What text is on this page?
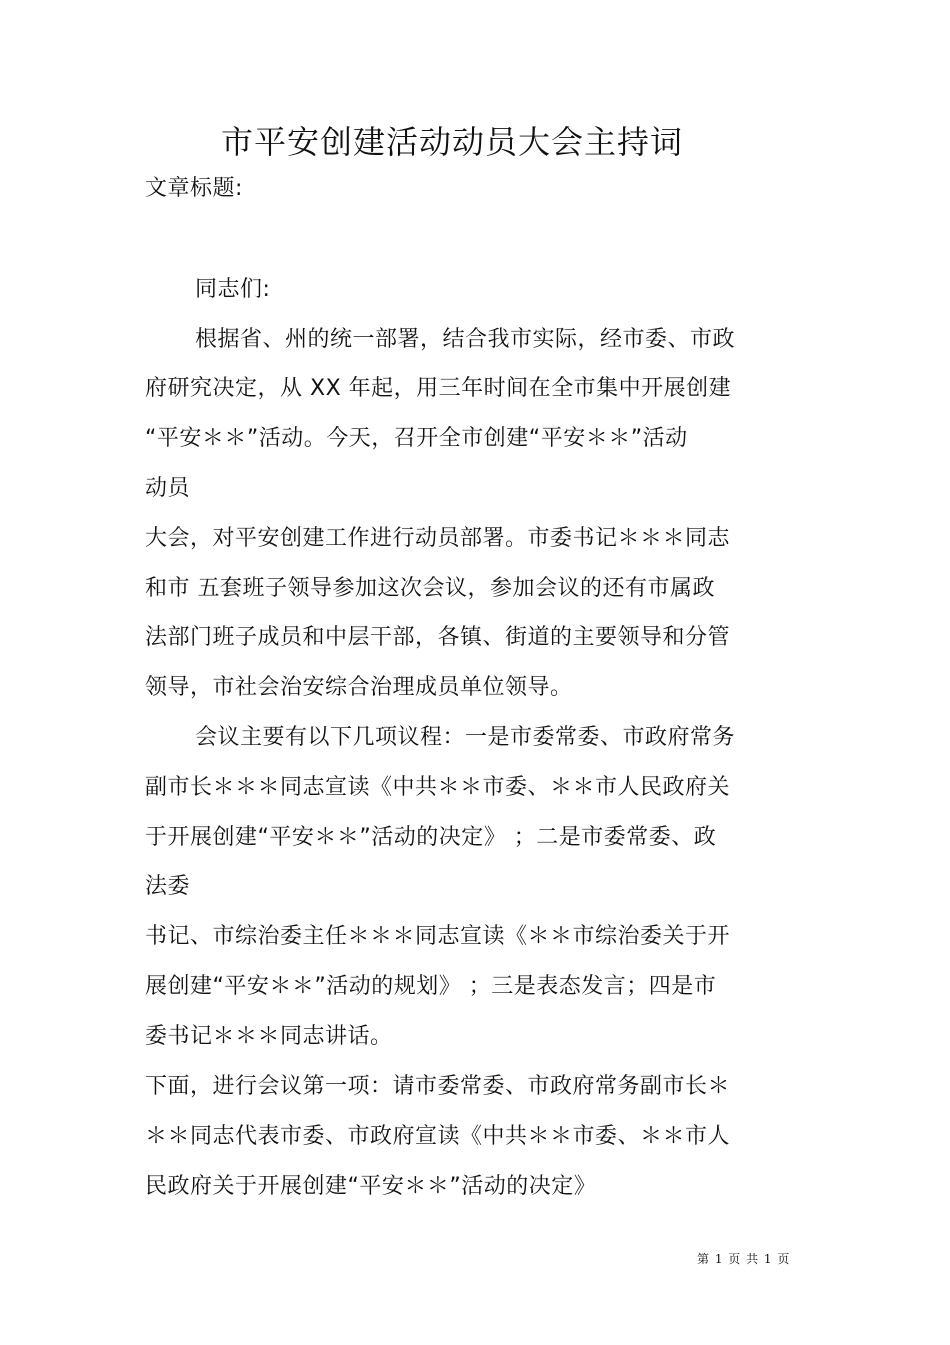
市平安创建活动动员大会主持词
文章标题:
同志们:
根据省、州的统一部署，结合我市实际，经市委、市政
府研究决定，从 XX 年起，用三年时间在全市集中开展创建
“平安＊＊”活动。今天，召开全市创建“平安＊＊”活动
动员
大会，对平安创建工作进行动员部署。市委书记＊＊＊同志
和市 五套班子领导参加这次会议，参加会议的还有市属政
法部门班子成员和中层干部，各镇、街道的主要领导和分管
领导，市社会治安综合治理成员单位领导。
会议主要有以下几项议程：一是市委常委、市政府常务
副市长＊＊＊同志宣读《中共＊＊市委、＊＊市人民政府关
于开展创建“平安＊＊”活动的决定》 ；二是市委常委、政
法委
书记、市综治委主任＊＊＊同志宣读《＊＊市综治委关于开
展创建“平安＊＊”活动的规划》 ；三是表态发言；四是市
委书记＊＊＊同志讲话。
下面，进行会议第一项：请市委常委、市政府常务副市长＊
＊＊同志代表市委、市政府宣读《中共＊＊市委、＊＊市人
民政府关于开展创建“平安＊＊”活动的决定》
第 1 页 共 1 页
